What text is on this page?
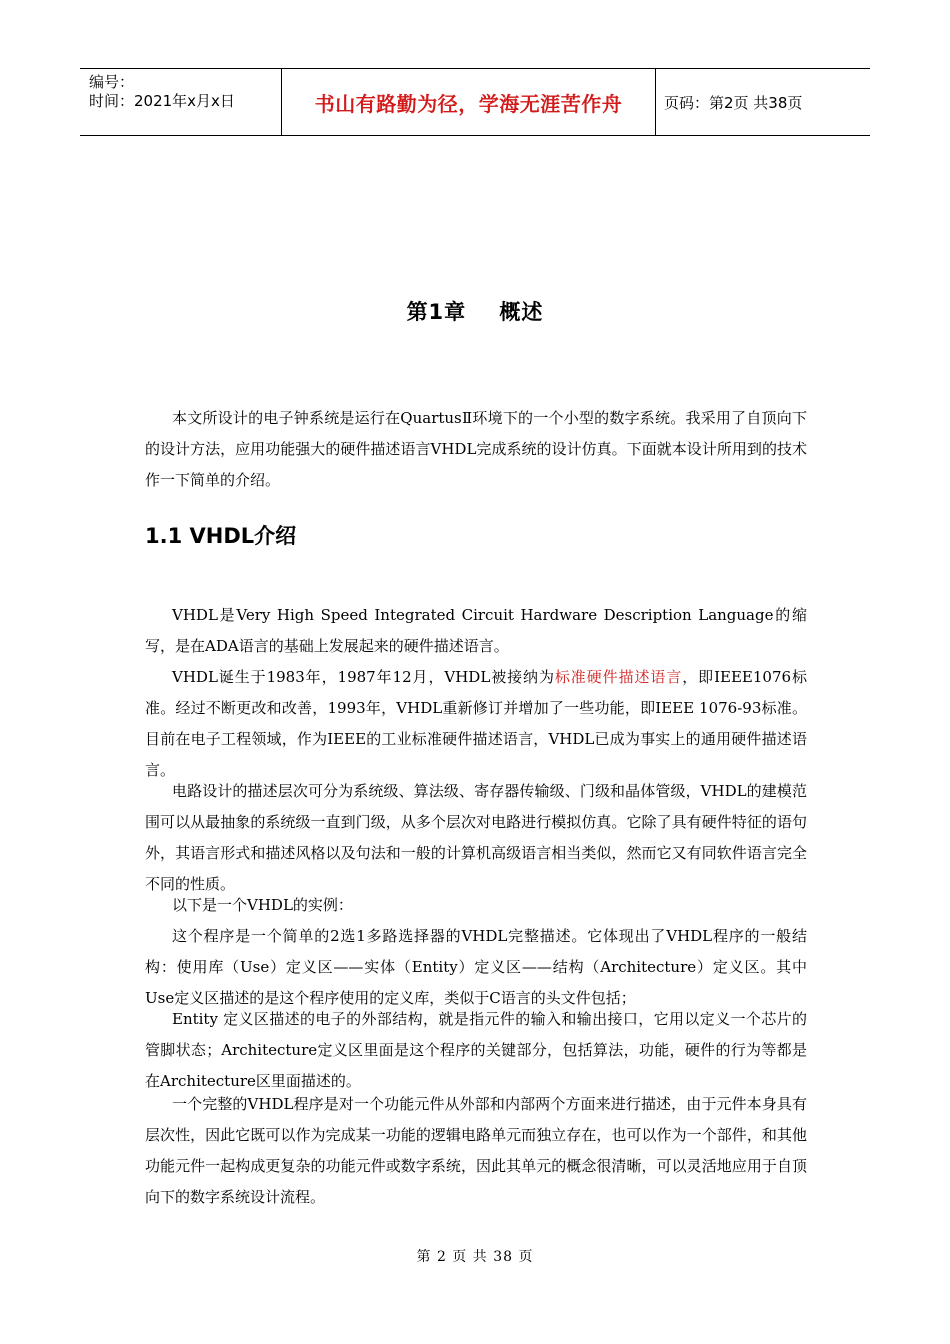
编号：
时间：2021年x月x日	书山有路勤为径，学海无涯苦作舟	页码：第2页 共38页
第1章    概述

本文所设计的电子钟系统是运行在QuartusⅡ环境下的一个小型的数字系统。我采用了自顶向下的设计方法，应用功能强大的硬件描述语言VHDL完成系统的设计仿真。下面就本设计所用到的技术作一下简单的介绍。

1.1 VHDL介绍

VHDL是Very High Speed Integrated Circuit Hardware Description Language的缩写，是在ADA语言的基础上发展起来的硬件描述语言。

VHDL诞生于1983年，1987年12月，VHDL被接纳为标准硬件描述语言，即IEEE1076标准。经过不断更改和改善，1993年，VHDL重新修订并增加了一些功能，即IEEE 1076-93标准。目前在电子工程领域，作为IEEE的工业标准硬件描述语言，VHDL已成为事实上的通用硬件描述语言。

电路设计的描述层次可分为系统级、算法级、寄存器传输级、门级和晶体管级，VHDL的建模范围可以从最抽象的系统级一直到门级，从多个层次对电路进行模拟仿真。它除了具有硬件特征的语句外，其语言形式和描述风格以及句法和一般的计算机高级语言相当类似，然而它又有同软件语言完全不同的性质。

以下是一个VHDL的实例：

这个程序是一个简单的2选1多路选择器的VHDL完整描述。它体现出了VHDL程序的一般结构：使用库（Use）定义区——实体（Entity）定义区——结构（Architecture）定义区。其中Use定义区描述的是这个程序使用的定义库，类似于C语言的头文件包括；

Entity 定义区描述的电子的外部结构，就是指元件的输入和输出接口，它用以定义一个芯片的管脚状态；Architecture定义区里面是这个程序的关键部分，包括算法，功能，硬件的行为等都是在Architecture区里面描述的。

一个完整的VHDL程序是对一个功能元件从外部和内部两个方面来进行描述，由于元件本身具有层次性，因此它既可以作为完成某一功能的逻辑电路单元而独立存在，也可以作为一个部件，和其他功能元件一起构成更复杂的功能元件或数字系统，因此其单元的概念很清晰，可以灵活地应用于自顶向下的数字系统设计流程。

第 2 页 共 38 页
